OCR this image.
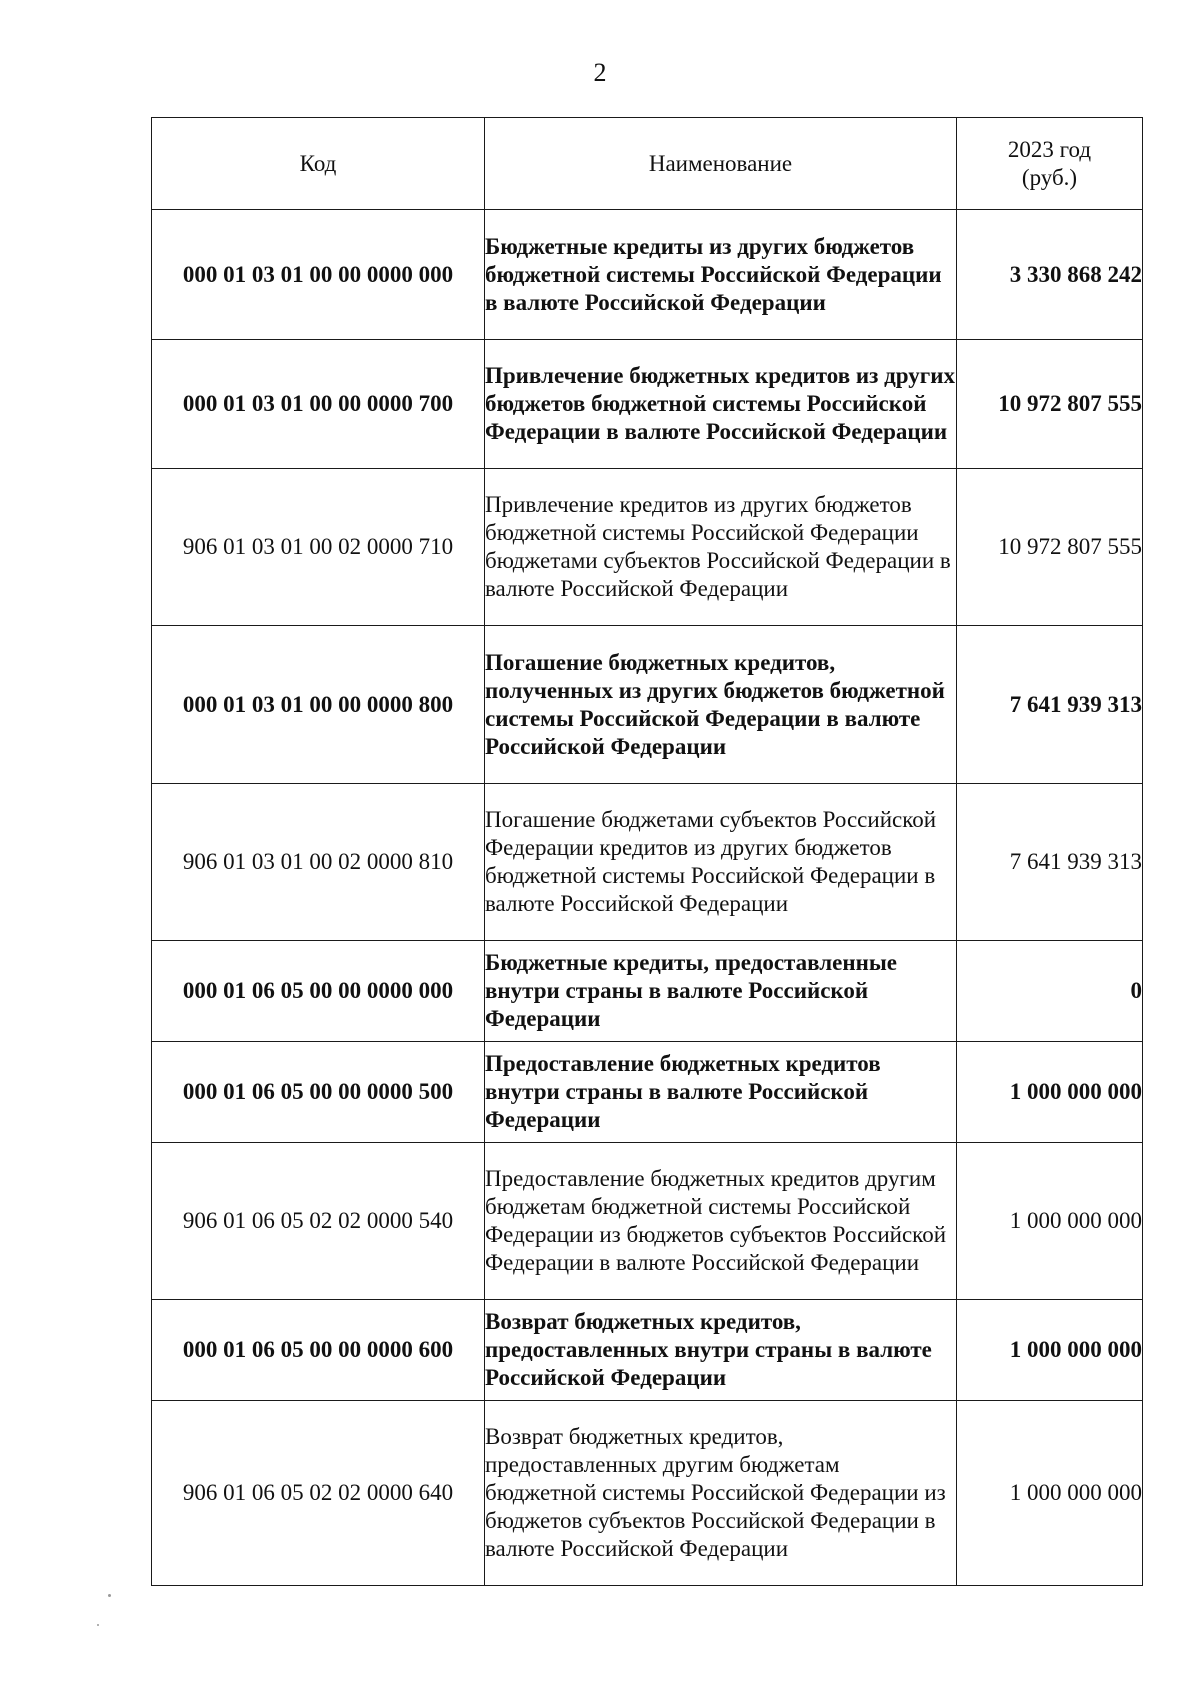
2
Код	Наименование	2023 год (руб.)

000 01 03 01 00 00 0000 000	Бюджетные кредиты из других бюджетов бюджетной системы Российской Федерации в валюте Российской Федерации	3 330 868 242
000 01 03 01 00 00 0000 700	Привлечение бюджетных кредитов из других бюджетов бюджетной системы Российской Федерации в валюте Российской Федерации	10 972 807 555
906 01 03 01 00 02 0000 710	Привлечение кредитов из других бюджетов бюджетной системы Российской Федерации бюджетами субъектов Российской Федерации в валюте Российской Федерации	10 972 807 555
000 01 03 01 00 00 0000 800	Погашение бюджетных кредитов, полученных из других бюджетов бюджетной системы Российской Федерации в валюте Российской Федерации	7 641 939 313
906 01 03 01 00 02 0000 810	Погашение бюджетами субъектов Российской Федерации кредитов из других бюджетов бюджетной системы Российской Федерации в валюте Российской Федерации	7 641 939 313
000 01 06 05 00 00 0000 000	Бюджетные кредиты, предоставленные внутри страны в валюте Российской Федерации	0
000 01 06 05 00 00 0000 500	Предоставление бюджетных кредитов внутри страны в валюте Российской Федерации	1 000 000 000
906 01 06 05 02 02 0000 540	Предоставление бюджетных кредитов другим бюджетам бюджетной системы Российской Федерации из бюджетов субъектов Российской Федерации в валюте Российской Федерации	1 000 000 000
000 01 06 05 00 00 0000 600	Возврат бюджетных кредитов, предоставленных внутри страны в валюте Российской Федерации	1 000 000 000
906 01 06 05 02 02 0000 640	Возврат бюджетных кредитов, предоставленных другим бюджетам бюджетной системы Российской Федерации из бюджетов субъектов Российской Федерации в валюте Российской Федерации	1 000 000 000
